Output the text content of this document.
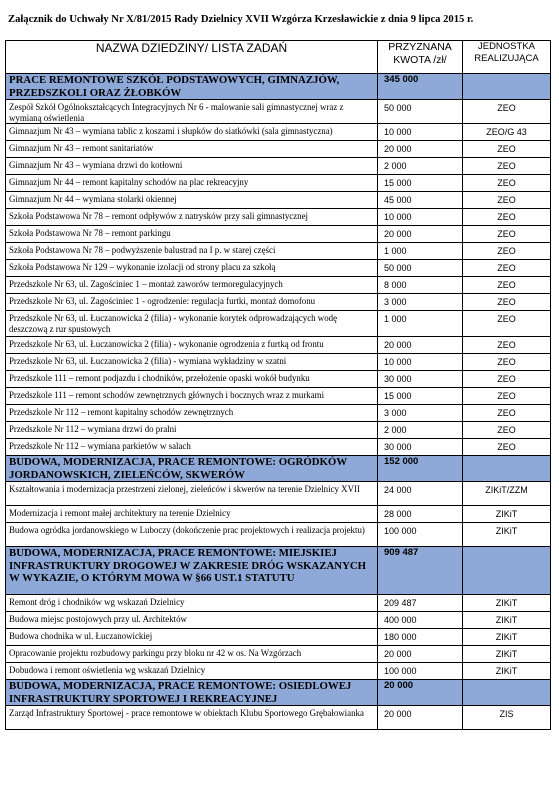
Załącznik do Uchwały Nr X/81/2015 Rady Dzielnicy XVII Wzgórza Krzesławickie z dnia 9 lipca 2015 r.
NAZWA DZIEDZINY/ LISTA ZADAŃ	PRZYZNANA KWOTA /zł/	JEDNOSTKA REALIZUJĄCA
PRACE REMONTOWE SZKÓŁ PODSTAWOWYCH, GIMNAZJÓW, PRZEDSZKOLI ORAZ ŻŁOBKÓW	345 000	
Zespół Szkół Ogólnokształcących Integracyjnych Nr 6 - malowanie sali gimnastycznej wraz z wymianą oświetlenia	50 000	ZEO
Gimnazjum Nr 43 – wymiana tablic z koszami i słupków do siatkówki (sala gimnastyczna)	10 000	ZEO/G 43
Gimnazjum Nr 43 – remont sanitariatów	20 000	ZEO
Gimnazjum Nr 43 – wymiana drzwi do kotłowni	2 000	ZEO
Gimnazjum Nr 44 – remont kapitalny schodów na plac rekreacyjny	15 000	ZEO
Gimnazjum Nr 44 – wymiana stolarki okiennej	45 000	ZEO
Szkoła Podstawowa Nr 78 – remont odpływów z natrysków przy sali gimnastycznej	10 000	ZEO
Szkoła Podstawowa Nr 78 – remont parkingu	20 000	ZEO
Szkoła Podstawowa Nr 78 – podwyższenie balustrad na I p. w starej części	1 000	ZEO
Szkoła Podstawowa Nr 129 – wykonanie izolacji od strony placu za szkołą	50 000	ZEO
Przedszkole Nr 63, ul. Zagościniec 1 – montaż zaworów termoregulacyjnych	8 000	ZEO
Przedszkole Nr 63, ul. Zagościniec 1 - ogrodzenie: regulacja furtki, montaż domofonu	3 000	ZEO
Przedszkole Nr 63, ul. Łuczanowicka 2 (filia) - wykonanie korytek odprowadzających wodę deszczową z rur spustowych	1 000	ZEO
Przedszkole Nr 63, ul. Łuczanowicka 2 (filia) - wykonanie ogrodzenia z furtką od frontu	20 000	ZEO
Przedszkole Nr 63, ul. Łuczanowicka 2 (filia) - wymiana wykładziny w szatni	10 000	ZEO
Przedszkole 111 – remont podjazdu i chodników, przełożenie opaski wokół budynku	30 000	ZEO
Przedszkole 111 – remont schodów zewnętrznych głównych i bocznych wraz z murkami	15 000	ZEO
Przedszkole Nr 112 – remont kapitalny schodów zewnętrznych	3 000	ZEO
Przedszkole Nr 112 – wymiana drzwi do pralni	2 000	ZEO
Przedszkole Nr 112 – wymiana parkietów w salach	30 000	ZEO
BUDOWA, MODERNIZACJA, PRACE REMONTOWE: OGRÓDKÓW JORDANOWSKICH, ZIELEŃCÓW, SKWERÓW	152 000	
Kształtowania i modernizacja przestrzeni zielonej, zieleńców i skwerów na terenie Dzielnicy XVII	24 000	ZIKiT/ZZM
Modernizacja i remont małej architektury na terenie Dzielnicy	28 000	ZIKiT
Budowa ogródka jordanowskiego w Luboczy (dokończenie prac projektowych i realizacja projektu)	100 000	ZIKiT
BUDOWA, MODERNIZACJA, PRACE REMONTOWE: MIEJSKIEJ INFRASTRUKTURY DROGOWEJ W ZAKRESIE DRÓG WSKAZANYCH W WYKAZIE, O KTÓRYM MOWA W §66 UST.1 STATUTU	909 487	
Remont dróg i chodników wg wskazań Dzielnicy	209 487	ZIKiT
Budowa miejsc postojowych przy ul. Architektów	400 000	ZIKiT
Budowa chodnika w ul. Łuczanowickiej	180 000	ZIKiT
Opracowanie projektu rozbudowy parkingu przy bloku nr 42 w os. Na Wzgórzach	20 000	ZIKiT
Dobudowa i remont oświetlenia wg wskazań Dzielnicy	100 000	ZIKiT
BUDOWA, MODERNIZACJA, PRACE REMONTOWE: OSIEDLOWEJ INFRASTRUKTURY SPORTOWEJ I REKREACYJNEJ	20 000	
Zarząd Infrastruktury Sportowej - prace remontowe w obiektach Klubu Sportowego Grębałowianka	20 000	ZIS
